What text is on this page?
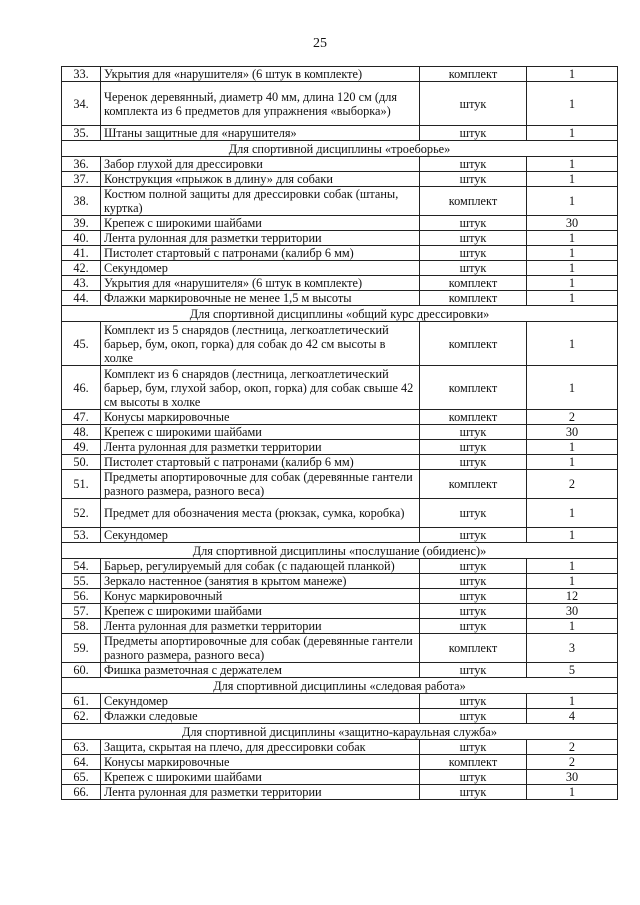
25
33.	Укрытия для «нарушителя» (6 штук в комплекте)	комплект	1
34.	Черенок деревянный, диаметр 40 мм, длина 120 см (для комплекта из 6 предметов для упражнения «выборка»)	штук	1
35.	Штаны защитные для «нарушителя»	штук	1
Для спортивной дисциплины «троеборье»			
36.	Забор глухой для дрессировки	штук	1
37.	Конструкция «прыжок в длину» для собаки	штук	1
38.	Костюм полной защиты для дрессировки собак (штаны, куртка)	комплект	1
39.	Крепеж с широкими шайбами	штук	30
40.	Лента рулонная для разметки территории	штук	1
41.	Пистолет стартовый с патронами (калибр 6 мм)	штук	1
42.	Секундомер	штук	1
43.	Укрытия для «нарушителя» (6 штук в комплекте)	комплект	1
44.	Флажки маркировочные не менее 1,5 м высоты	комплект	1
Для спортивной дисциплины «общий курс дрессировки»			
45.	Комплект из 5 снарядов (лестница, легкоатлетический барьер, бум, окоп, горка) для собак до 42 см высоты в холке	комплект	1
46.	Комплект из 6 снарядов (лестница, легкоатлетический барьер, бум, глухой забор, окоп, горка) для собак свыше 42 см высоты в холке	комплект	1
47.	Конусы маркировочные	комплект	2
48.	Крепеж с широкими шайбами	штук	30
49.	Лента рулонная для разметки территории	штук	1
50.	Пистолет стартовый с патронами (калибр 6 мм)	штук	1
51.	Предметы апортировочные для собак (деревянные гантели разного размера, разного веса)	комплект	2
52.	Предмет для обозначения места (рюкзак, сумка, коробка)	штук	1
53.	Секундомер	штук	1
Для спортивной дисциплины «послушание (обидиенс)»			
54.	Барьер, регулируемый для собак (с падающей планкой)	штук	1
55.	Зеркало настенное (занятия в крытом манеже)	штук	1
56.	Конус маркировочный	штук	12
57.	Крепеж с широкими шайбами	штук	30
58.	Лента рулонная для разметки территории	штук	1
59.	Предметы апортировочные для собак (деревянные гантели разного размера, разного веса)	комплект	3
60.	Фишка разметочная с держателем	штук	5
Для спортивной дисциплины «следовая работа»			
61.	Секундомер	штук	1
62.	Флажки следовые	штук	4
Для спортивной дисциплины «защитно-караульная служба»			
63.	Защита, скрытая на плечо, для дрессировки собак	штук	2
64.	Конусы маркировочные	комплект	2
65.	Крепеж с широкими шайбами	штук	30
66.	Лента рулонная для разметки территории	штук	1
